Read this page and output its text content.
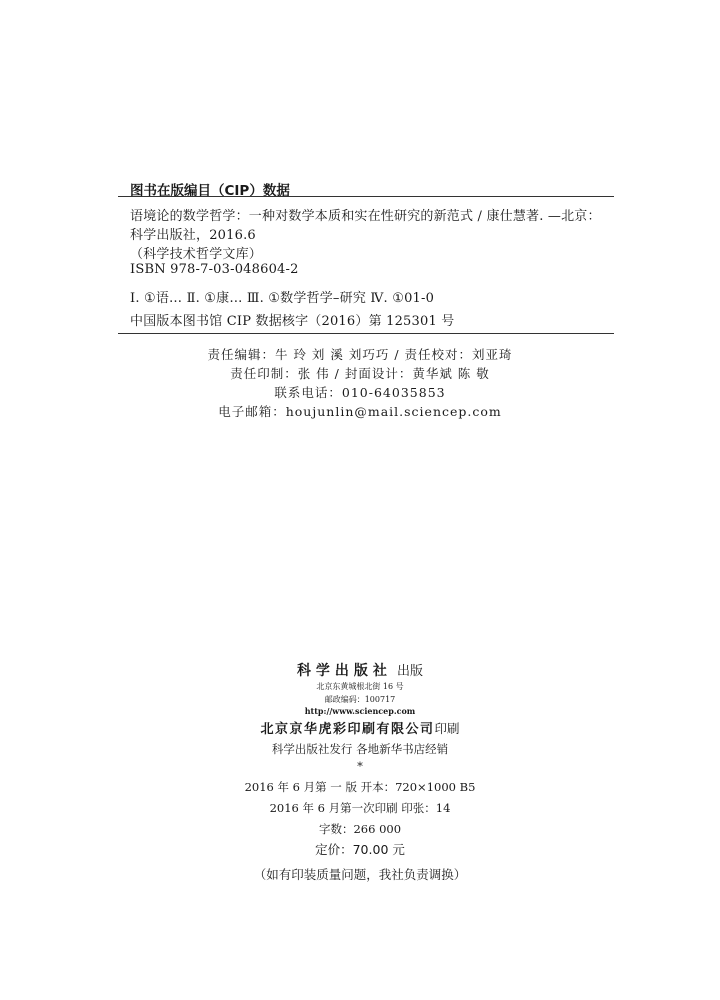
图书在版编目（CIP）数据
语境论的数学哲学：一种对数学本质和实在性研究的新范式 / 康仕慧著. —北京：
科学出版社，2016.6
（科学技术哲学文库）
ISBN 978-7-03-048604-2
Ⅰ. ①语… Ⅱ. ①康… Ⅲ. ①数学哲学–研究 Ⅳ. ①01-0
中国版本图书馆 CIP 数据核字（2016）第 125301 号
责任编辑：牛 玲 刘 溪 刘巧巧 / 责任校对：刘亚琦
责任印制：张 伟 / 封面设计：黄华斌 陈 敬
联系电话：010-64035853
电子邮箱：houjunlin@mail.sciencep.com
科学出版社 出版
北京东黄城根北街 16 号
邮政编码：100717
http://www.sciencep.com
北京京华虎彩印刷有限公司印刷
科学出版社发行 各地新华书店经销
*
2016 年 6 月第 一 版 开本：720×1000 B5
2016 年 6 月第一次印刷 印张：14
字数：266 000
定价：70.00 元
（如有印装质量问题，我社负责调换）
